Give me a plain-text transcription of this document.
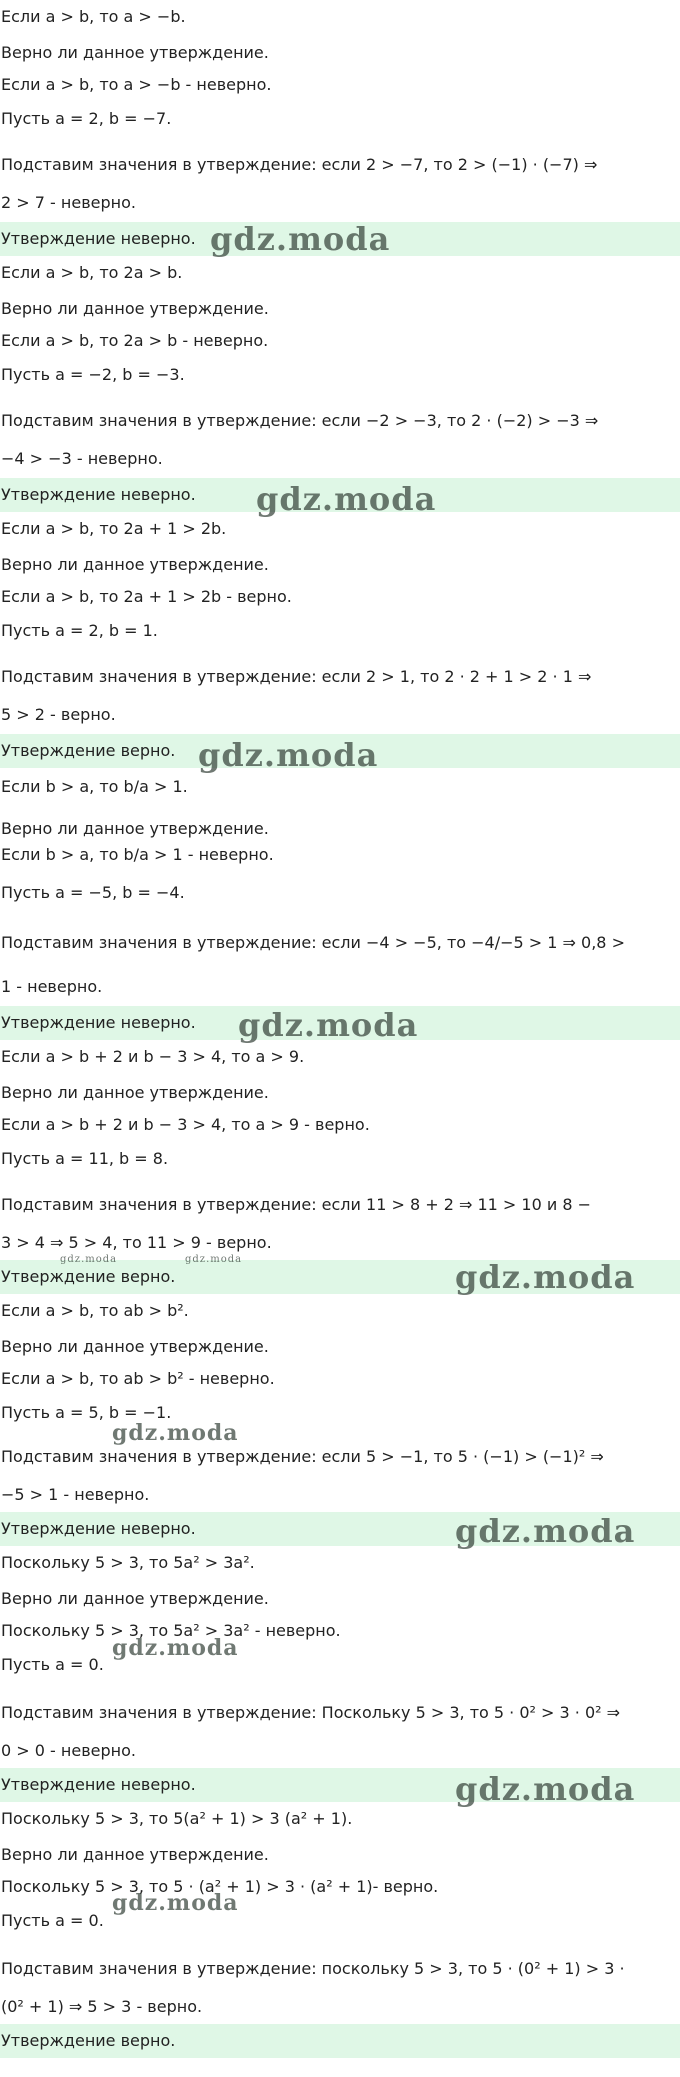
Если a > b, то a > −b.
Верно ли данное утверждение.
Если a > b, то a > −b - неверно.
Пусть a = 2, b = −7.
Подставим значения в утверждение: если 2 > −7, то 2 > (−1) · (−7) ⇒
2 > 7 - неверно.
Утверждение неверно.
Если a > b, то 2a > b.
Верно ли данное утверждение.
Если a > b, то 2a > b - неверно.
Пусть a = −2, b = −3.
Подставим значения в утверждение: если −2 > −3, то 2 · (−2) > −3 ⇒
−4 > −3 - неверно.
Утверждение неверно.
Если a > b, то 2a + 1 > 2b.
Верно ли данное утверждение.
Если a > b, то 2a + 1 > 2b - верно.
Пусть a = 2, b = 1.
Подставим значения в утверждение: если 2 > 1, то 2 · 2 + 1 > 2 · 1 ⇒
5 > 2 - верно.
Утверждение верно.
Если b > a, то b/a > 1.
Верно ли данное утверждение.
Если b > a, то b/a > 1 - неверно.
Пусть a = −5, b = −4.
Подставим значения в утверждение: если −4 > −5, то −4/−5 > 1 ⇒ 0,8 >
1 - неверно.
Утверждение неверно.
Если a > b + 2 и b − 3 > 4, то a > 9.
Верно ли данное утверждение.
Если a > b + 2 и b − 3 > 4, то a > 9 - верно.
Пусть a = 11, b = 8.
Подставим значения в утверждение: если 11 > 8 + 2 ⇒ 11 > 10 и 8 −
3 > 4 ⇒ 5 > 4, то 11 > 9 - верно.
Утверждение верно.
Если a > b, то ab > b².
Верно ли данное утверждение.
Если a > b, то ab > b² - неверно.
Пусть a = 5, b = −1.
Подставим значения в утверждение: если 5 > −1, то 5 · (−1) > (−1)² ⇒
−5 > 1 - неверно.
Утверждение неверно.
Поскольку 5 > 3, то 5a² > 3a².
Верно ли данное утверждение.
Поскольку 5 > 3, то 5a² > 3a² - неверно.
Пусть a = 0.
Подставим значения в утверждение: Поскольку 5 > 3, то 5 · 0² > 3 · 0² ⇒
0 > 0 - неверно.
Утверждение неверно.
Поскольку 5 > 3, то 5(a² + 1) > 3 (a² + 1).
Верно ли данное утверждение.
Поскольку 5 > 3, то 5 · (a² + 1) > 3 · (a² + 1)- верно.
Пусть a = 0.
Подставим значения в утверждение: поскольку 5 > 3, то 5 · (0² + 1) > 3 ·
(0² + 1) ⇒ 5 > 3 - верно.
Утверждение верно.
gdz.moda
gdz.moda
gdz.moda
gdz.moda
gdz.moda
gdz.moda	gdz.moda
gdz.moda
gdz.moda
gdz.moda
gdz.moda
gdz.moda
